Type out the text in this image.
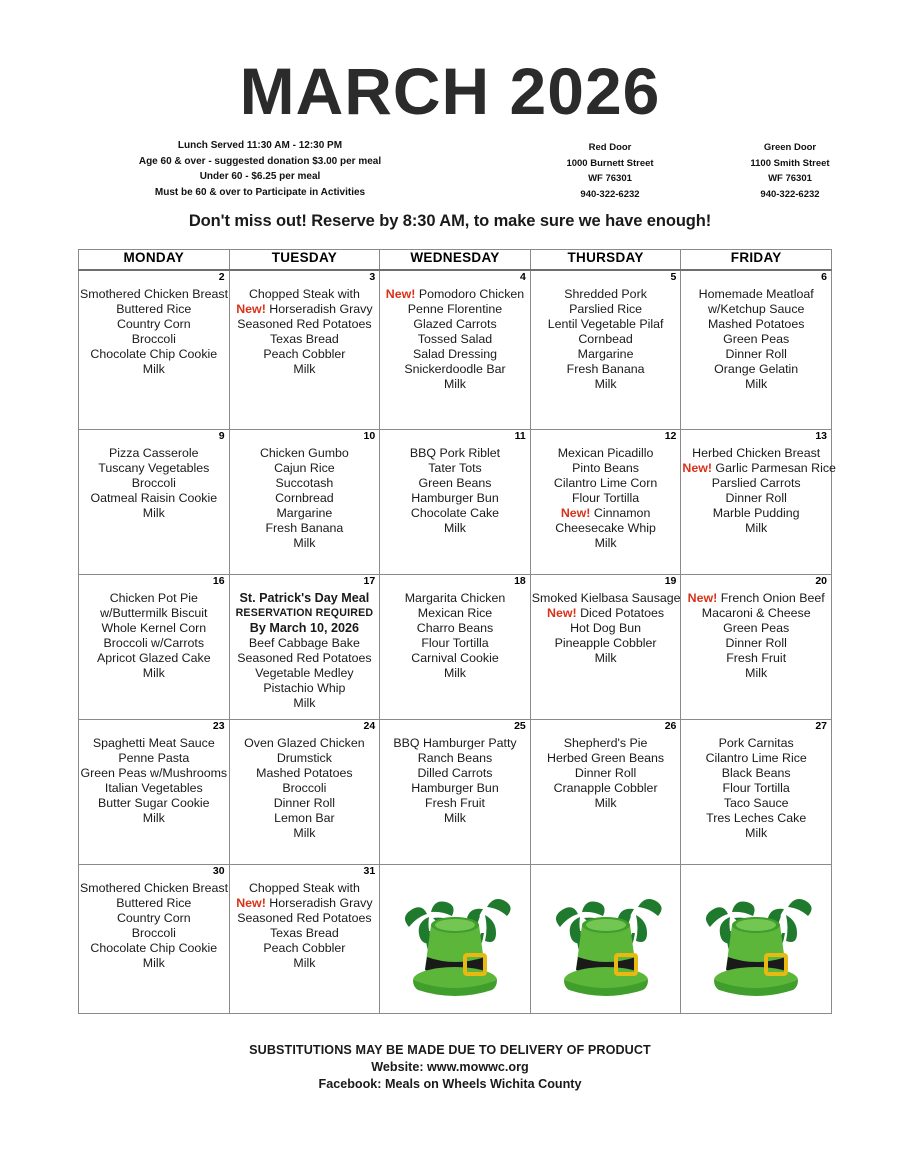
MARCH 2026
Lunch Served 11:30 AM - 12:30 PM
Age 60 & over - suggested donation $3.00 per meal
Under 60 - $6.25 per meal
Must be 60 & over to Participate in Activities
Red Door
1000 Burnett Street
WF 76301
940-322-6232
Green Door
1100 Smith Street
WF 76301
940-322-6232
Don't miss out! Reserve by 8:30 AM, to make sure we have enough!
MONDAY	TUESDAY	WEDNESDAY	THURSDAY	FRIDAY

2
Smothered Chicken Breast
Buttered Rice
Country Corn
Broccoli
Chocolate Chip Cookie
Milk

3
Chopped Steak with
New! Horseradish Gravy
Seasoned Red Potatoes
Texas Bread
Peach Cobbler
Milk

4
New! Pomodoro Chicken
Penne Florentine
Glazed Carrots
Tossed Salad
Salad Dressing
Snickerdoodle Bar
Milk

5
Shredded Pork
Parslied Rice
Lentil Vegetable Pilaf
Cornbead
Margarine
Fresh Banana
Milk

6
Homemade Meatloaf
w/Ketchup Sauce
Mashed Potatoes
Green Peas
Dinner Roll
Orange Gelatin
Milk

9
Pizza Casserole
Tuscany Vegetables
Broccoli
Oatmeal Raisin Cookie
Milk

10
Chicken Gumbo
Cajun Rice
Succotash
Cornbread
Margarine
Fresh Banana
Milk

11
BBQ Pork Riblet
Tater Tots
Green Beans
Hamburger Bun
Chocolate Cake
Milk

12
Mexican Picadillo
Pinto Beans
Cilantro Lime Corn
Flour Tortilla
New! Cinnamon
Cheesecake Whip
Milk

13
Herbed Chicken Breast
New! Garlic Parmesan Rice
Parslied Carrots
Dinner Roll
Marble Pudding
Milk

16
Chicken Pot Pie
w/Buttermilk Biscuit
Whole Kernel Corn
Broccoli w/Carrots
Apricot Glazed Cake
Milk

17
St. Patrick's Day Meal
RESERVATION REQUIRED
By March 10, 2026
Beef Cabbage Bake
Seasoned Red Potatoes
Vegetable Medley
Pistachio Whip
Milk

18
Margarita Chicken
Mexican Rice
Charro Beans
Flour Tortilla
Carnival Cookie
Milk

19
Smoked Kielbasa Sausage
New! Diced Potatoes
Hot Dog Bun
Pineapple Cobbler
Milk

20
New! French Onion Beef
Macaroni & Cheese
Green Peas
Dinner Roll
Fresh Fruit
Milk

23
Spaghetti Meat Sauce
Penne Pasta
Green Peas w/Mushrooms
Italian Vegetables
Butter Sugar Cookie
Milk

24
Oven Glazed Chicken
Drumstick
Mashed Potatoes
Broccoli
Dinner Roll
Lemon Bar
Milk

25
BBQ Hamburger Patty
Ranch Beans
Dilled Carrots
Hamburger Bun
Fresh Fruit
Milk

26
Shepherd's Pie
Herbed Green Beans
Dinner Roll
Cranapple Cobbler
Milk

27
Pork Carnitas
Cilantro Lime Rice
Black Beans
Flour Tortilla
Taco Sauce
Tres Leches Cake
Milk

30
Smothered Chicken Breast
Buttered Rice
Country Corn
Broccoli
Chocolate Chip Cookie
Milk

31
Chopped Steak with
New! Horseradish Gravy
Seasoned Red Potatoes
Texas Bread
Peach Cobbler
Milk

SUBSTITUTIONS MAY BE MADE DUE TO DELIVERY OF PRODUCT
Website: www.mowwc.org
Facebook: Meals on Wheels Wichita County
